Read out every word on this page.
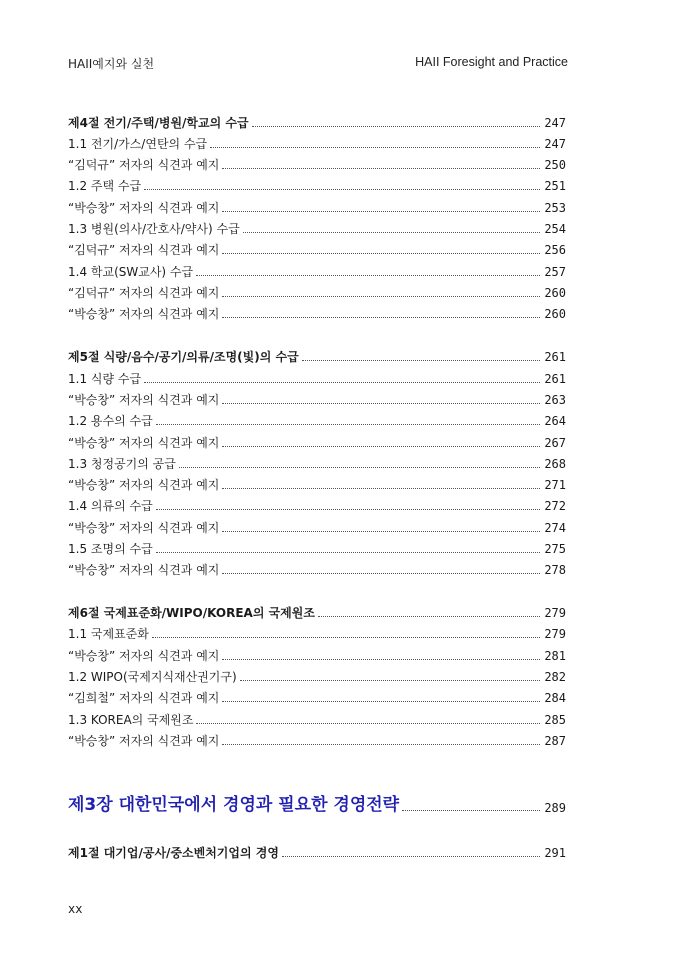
HAII예지와 실천	HAII Foresight and Practice
제4절 전기/주택/병원/학교의 수급	247
1.1 전기/가스/연탄의 수급	247
“김덕규” 저자의 식견과 예지	250
1.2 주택 수급	251
“박승창” 저자의 식견과 예지	253
1.3 병원(의사/간호사/약사) 수급	254
“김덕규” 저자의 식견과 예지	256
1.4 학교(SW교사) 수급	257
“김덕규” 저자의 식견과 예지	260
“박승창” 저자의 식견과 예지	260
제5절 식량/음수/공기/의류/조명(빛)의 수급	261
1.1 식량 수급	261
“박승창” 저자의 식견과 예지	263
1.2 용수의 수급	264
“박승창” 저자의 식견과 예지	267
1.3 청정공기의 공급	268
“박승창” 저자의 식견과 예지	271
1.4 의류의 수급	272
“박승창” 저자의 식견과 예지	274
1.5 조명의 수급	275
“박승창” 저자의 식견과 예지	278
제6절 국제표준화/WIPO/KOREA의 국제원조	279
1.1 국제표준화	279
“박승창” 저자의 식견과 예지	281
1.2 WIPO(국제지식재산권기구)	282
“김희철” 저자의 식견과 예지	284
1.3 KOREA의 국제원조	285
“박승창” 저자의 식견과 예지	287
제3장 대한민국에서 경영과 필요한 경영전략	289
제1절 대기업/공사/중소벤처기업의 경영	291
xx
